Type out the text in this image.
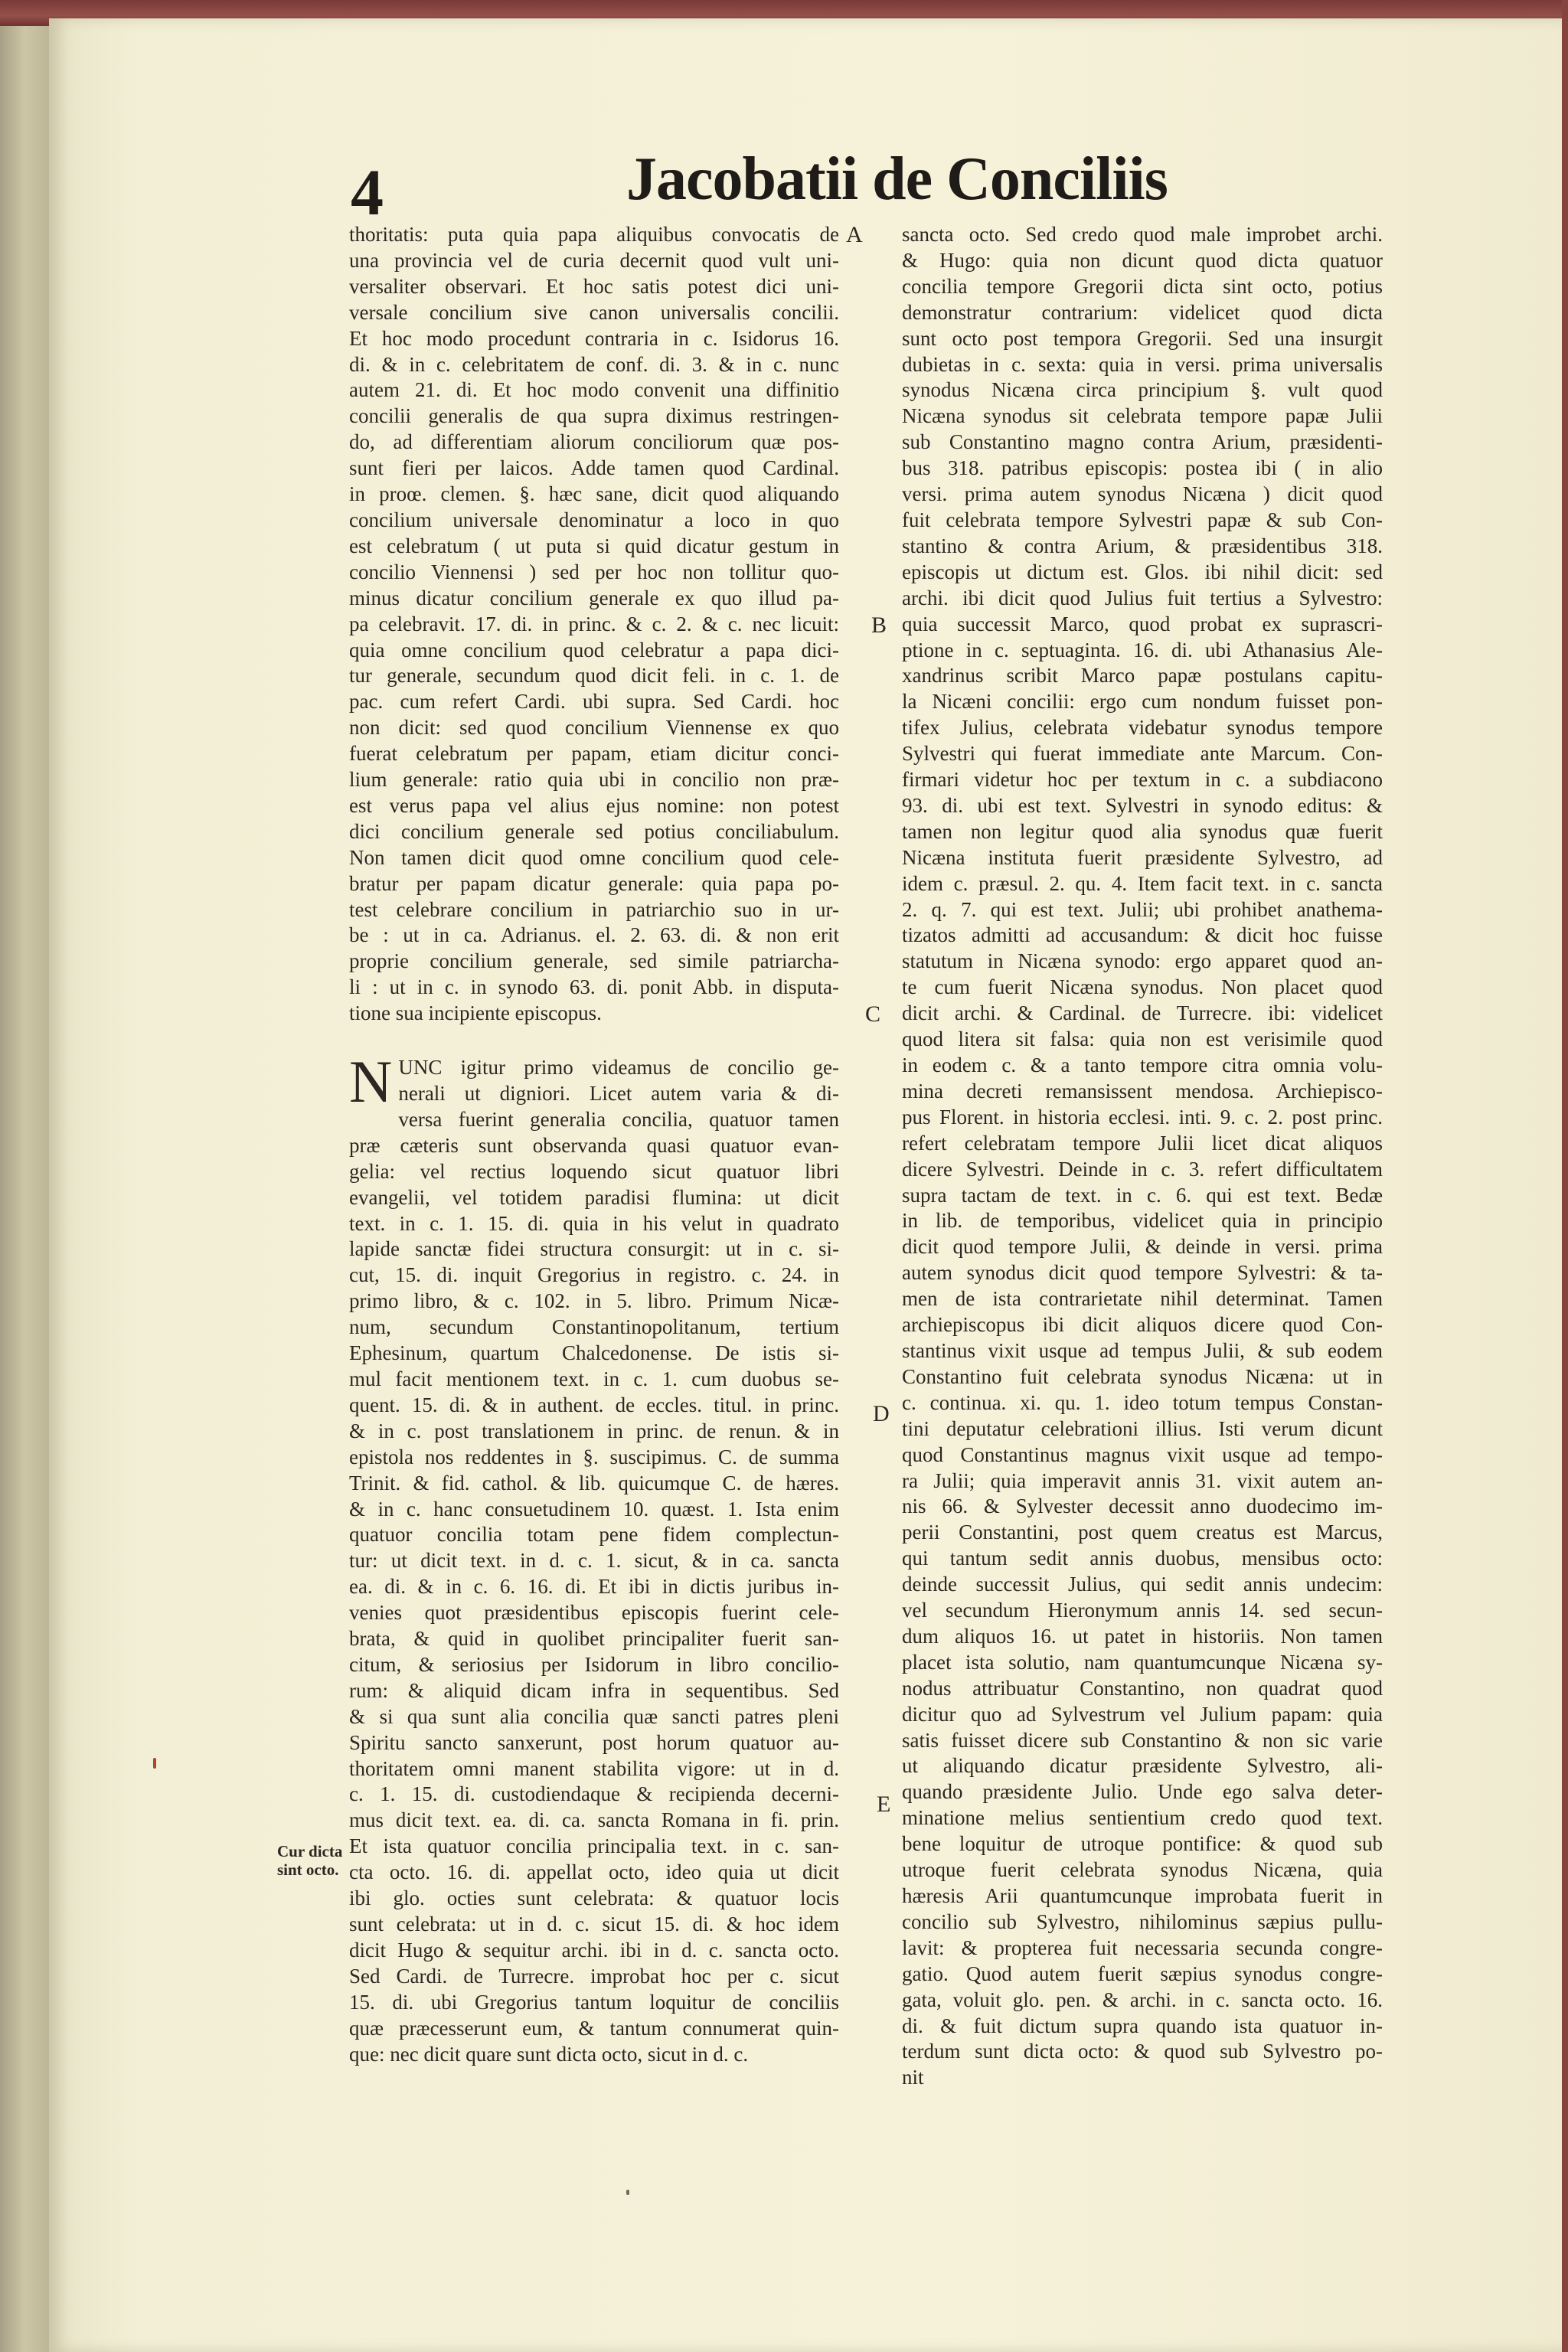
4	Jacobatii de Conciliis

thoritatis: puta quia papa aliquibus convocatis de
una provincia vel de curia decernit quod vult uni-
versaliter observari. Et hoc satis potest dici uni-
versale concilium sive canon universalis concilii.
Et hoc modo procedunt contraria in c. Isidorus 16.
di. & in c. celebritatem de conf. di. 3. & in c. nunc
autem 21. di. Et hoc modo convenit una diffinitio
concilii generalis de qua supra diximus restringen-
do, ad differentiam aliorum conciliorum quæ pos-
sunt fieri per laicos. Adde tamen quod Cardinal.
in proœ. clemen. §. hæc sane, dicit quod aliquando
concilium universale denominatur a loco in quo
est celebratum ( ut puta si quid dicatur gestum in
concilio Viennensi ) sed per hoc non tollitur quo-
minus dicatur concilium generale ex quo illud pa-
pa celebravit. 17. di. in princ. & c. 2. & c. nec licuit:
quia omne concilium quod celebratur a papa dici-
tur generale, secundum quod dicit feli. in c. 1. de
pac. cum refert Cardi. ubi supra. Sed Cardi. hoc
non dicit: sed quod concilium Viennense ex quo
fuerat celebratum per papam, etiam dicitur conci-
lium generale: ratio quia ubi in concilio non præ-
est verus papa vel alius ejus nomine: non potest
dici concilium generale sed potius conciliabulum.
Non tamen dicit quod omne concilium quod cele-
bratur per papam dicatur generale: quia papa po-
test celebrare concilium in patriarchio suo in ur-
be : ut in ca. Adrianus. el. 2. 63. di. & non erit
proprie concilium generale, sed simile patriarcha-
li : ut in c. in synodo 63. di. ponit Abb. in disputa-
tione sua incipiente episcopus.

N UNC igitur primo videamus de concilio ge-
nerali ut digniori. Licet autem varia & di-
versa fuerint generalia concilia, quatuor tamen
præ cæteris sunt observanda quasi quatuor evan-
gelia: vel rectius loquendo sicut quatuor libri
evangelii, vel totidem paradisi flumina: ut dicit
text. in c. 1. 15. di. quia in his velut in quadrato
lapide sanctæ fidei structura consurgit: ut in c. si-
cut, 15. di. inquit Gregorius in registro. c. 24. in
primo libro, & c. 102. in 5. libro. Primum Nicæ-
num, secundum Constantinopolitanum, tertium
Ephesinum, quartum Chalcedonense. De istis si-
mul facit mentionem text. in c. 1. cum duobus se-
quent. 15. di. & in authent. de eccles. titul. in princ.
& in c. post translationem in princ. de renun. & in
epistola nos reddentes in §. suscipimus. C. de summa
Trinit. & fid. cathol. & lib. quicumque C. de hæres.
& in c. hanc consuetudinem 10. quæst. 1. Ista enim
quatuor concilia totam pene fidem complectun-
tur: ut dicit text. in d. c. 1. sicut, & in ca. sancta
ea. di. & in c. 6. 16. di. Et ibi in dictis juribus in-
venies quot præsidentibus episcopis fuerint cele-
brata, & quid in quolibet principaliter fuerit san-
citum, & seriosius per Isidorum in libro concilio-
rum: & aliquid dicam infra in sequentibus. Sed
& si qua sunt alia concilia quæ sancti patres pleni
Spiritu sancto sanxerunt, post horum quatuor au-
thoritatem omni manent stabilita vigore: ut in d.
c. 1. 15. di. custodiendaque & recipienda decerni-
mus dicit text. ea. di. ca. sancta Romana in fi. prin.
Et ista quatuor concilia principalia text. in c. san-
cta octo. 16. di. appellat octo, ideo quia ut dicit
ibi glo. octies sunt celebrata: & quatuor locis
sunt celebrata: ut in d. c. sicut 15. di. & hoc idem
dicit Hugo & sequitur archi. ibi in d. c. sancta octo.
Sed Cardi. de Turrecre. improbat hoc per c. sicut
15. di. ubi Gregorius tantum loquitur de conciliis
quæ præcesserunt eum, & tantum connumerat quin-
que: nec dicit quare sunt dicta octo, sicut in d. c.

sancta octo. Sed credo quod male improbet archi.
& Hugo: quia non dicunt quod dicta quatuor
concilia tempore Gregorii dicta sint octo, potius
demonstratur contrarium: videlicet quod dicta
sunt octo post tempora Gregorii. Sed una insurgit
dubietas in c. sexta: quia in versi. prima universalis
synodus Nicæna circa principium §. vult quod
Nicæna synodus sit celebrata tempore papæ Julii
sub Constantino magno contra Arium, præsidenti-
bus 318. patribus episcopis: postea ibi ( in alio
versi. prima autem synodus Nicæna ) dicit quod
fuit celebrata tempore Sylvestri papæ & sub Con-
stantino & contra Arium, & præsidentibus 318.
episcopis ut dictum est. Glos. ibi nihil dicit: sed
archi. ibi dicit quod Julius fuit tertius a Sylvestro:
quia successit Marco, quod probat ex suprascri-
ptione in c. septuaginta. 16. di. ubi Athanasius Ale-
xandrinus scribit Marco papæ postulans capitu-
la Nicæni concilii: ergo cum nondum fuisset pon-
tifex Julius, celebrata videbatur synodus tempore
Sylvestri qui fuerat immediate ante Marcum. Con-
firmari videtur hoc per textum in c. a subdiacono
93. di. ubi est text. Sylvestri in synodo editus: &
tamen non legitur quod alia synodus quæ fuerit
Nicæna instituta fuerit præsidente Sylvestro, ad
idem c. præsul. 2. qu. 4. Item facit text. in c. sancta
2. q. 7. qui est text. Julii; ubi prohibet anathema-
tizatos admitti ad accusandum: & dicit hoc fuisse
statutum in Nicæna synodo: ergo apparet quod an-
te cum fuerit Nicæna synodus. Non placet quod
dicit archi. & Cardinal. de Turrecre. ibi: videlicet
quod litera sit falsa: quia non est verisimile quod
in eodem c. & a tanto tempore citra omnia volu-
mina decreti remansissent mendosa. Archiepisco-
pus Florent. in historia ecclesi. inti. 9. c. 2. post princ.
refert celebratam tempore Julii licet dicat aliquos
dicere Sylvestri. Deinde in c. 3. refert difficultatem
supra tactam de text. in c. 6. qui est text. Bedæ
in lib. de temporibus, videlicet quia in principio
dicit quod tempore Julii, & deinde in versi. prima
autem synodus dicit quod tempore Sylvestri: & ta-
men de ista contrarietate nihil determinat. Tamen
archiepiscopus ibi dicit aliquos dicere quod Con-
stantinus vixit usque ad tempus Julii, & sub eodem
Constantino fuit celebrata synodus Nicæna: ut in
c. continua. xi. qu. 1. ideo totum tempus Constan-
tini deputatur celebrationi illius. Isti verum dicunt
quod Constantinus magnus vixit usque ad tempo-
ra Julii; quia imperavit annis 31. vixit autem an-
nis 66. & Sylvester decessit anno duodecimo im-
perii Constantini, post quem creatus est Marcus,
qui tantum sedit annis duobus, mensibus octo:
deinde successit Julius, qui sedit annis undecim:
vel secundum Hieronymum annis 14. sed secun-
dum aliquos 16. ut patet in historiis. Non tamen
placet ista solutio, nam quantumcunque Nicæna sy-
nodus attribuatur Constantino, non quadrat quod
dicitur quo ad Sylvestrum vel Julium papam: quia
satis fuisset dicere sub Constantino & non sic varie
ut aliquando dicatur præsidente Sylvestro, ali-
quando præsidente Julio. Unde ego salva deter-
minatione melius sentientium credo quod text.
bene loquitur de utroque pontifice: & quod sub
utroque fuerit celebrata synodus Nicæna, quia
hæresis Arii quantumcunque improbata fuerit in
concilio sub Sylvestro, nihilominus sæpius pullu-
lavit: & propterea fuit necessaria secunda congre-
gatio. Quod autem fuerit sæpius synodus congre-
gata, voluit glo. pen. & archi. in c. sancta octo. 16.
di. & fuit dictum supra quando ista quatuor in-
terdum sunt dicta octo: & quod sub Sylvestro po-
nit
A
B
C
D
E
Cur dicta
sint octo.
